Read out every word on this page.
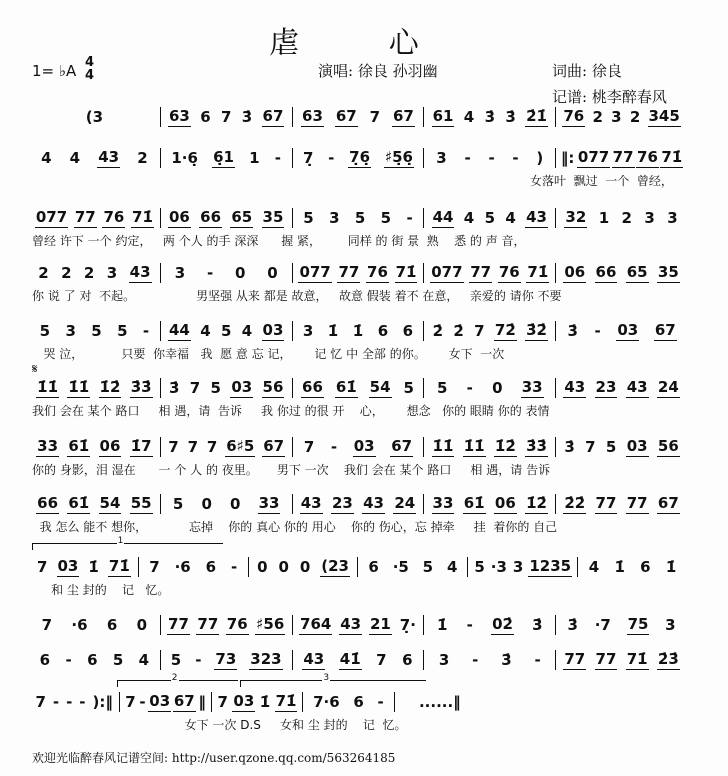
虐 心
1= ♭A 4
4	演唱: 徐良 孙羽幽	词曲: 徐良
记谱: 桃李醉春风
𝄋
1
2	3
(3	63 6 7 3̇ 67 63 67 7 67 61 4 3̇ 3̇ 2̇1̇ 76 2 3 2 345
4 4 43 2 1·6̣ 6̣1 1 - 7̣ - 7̣6̣ ♯5̣6̣ 3 - - - ) ‖: 077 77 76 71̇
女落叶  飘过  一个  曾经，
077 77 76 71̇ 06 66 65 35 5 3 5 5 - 44 4 5 4 43 32 1 2 3 3
曾经 许下 一个 约定，   两 个人 的手 深深      握 紧，       同样 的 街 景  熟    悉 的 声 音，
2 2 2 3 43 3 - 0 0 077 77 76 71̇ 077 77 76 71̇ 06 66 65 35
你 说 了 对  不起。                男坚强 从来 都是 故意，   故意 假装 着不 在意，   亲爱的 请你 不要
5 3 5 5 - 44 4 5 4 03 3 1̇ 1̇ 6 6 2̇ 2̇ 7 72̇ 3̇2̇ 3̇ - 03 67
哭 泣，          只要  你幸福   我  愿 意 忘 记，      记 忆 中 全部 的你。      女下  一次
1̇1̇ 1̇1̇ 1̇2̇ 3̇3̇ 3̇ 7 5 03 56 66 61̇ 54 5 5 - 0 33 43 23 43 24
我们 会在 某个 路口     相 遇，请  告诉     我 你过 的很 开    心，      想念   你的 眼睛 你的 表情
33 61̇ 06 1̇7 7 7 7 6♯5 67 7 - 03 67 1̇1̇ 1̇1̇ 1̇2̇ 3̇3̇ 3̇ 7 5 03 56
你的 身影，泪 湿在      一 个 人 的 夜里。     男下 一次    我们 会在 某个 路口     相 遇，请 告诉
66 61̇ 54 55 5 0 0 33 43 23 43 24 33 61̇ 06 1̇2̇ 2̇2̇ 77 77 67
我 怎么 能不 想你，           忘掉    你的 真心 你的 用心    你的 伤心，忘 掉牵     挂  着你的 自己
7 03 1̇ 71̇ 7 ·6 6 - 0 0 0 (23 6 ·5 5 4 5 ·3 3 1235 4 1̇ 6 1̇
和 尘 封的    记   忆。
7 ·6 6 0 77 77 76 ♯56 764 43 21 7̣· 1̇ - 02̇ 3̇ 3̇ ·7 75 3
6 - 6 5 4 5 - 73 323 43 41̇ 7 6 3 - 3̇ - 77 77 71̇ 2̇3̇
7 - - - ):‖ 7 - 03 67 ‖ 7 03 1̇ 71̇ 7·6 6 - ......‖
女下 一次 D.S     女和 尘 封的    记  忆。
欢迎光临醉春风记谱空间: http://user.qzone.qq.com/563264185
